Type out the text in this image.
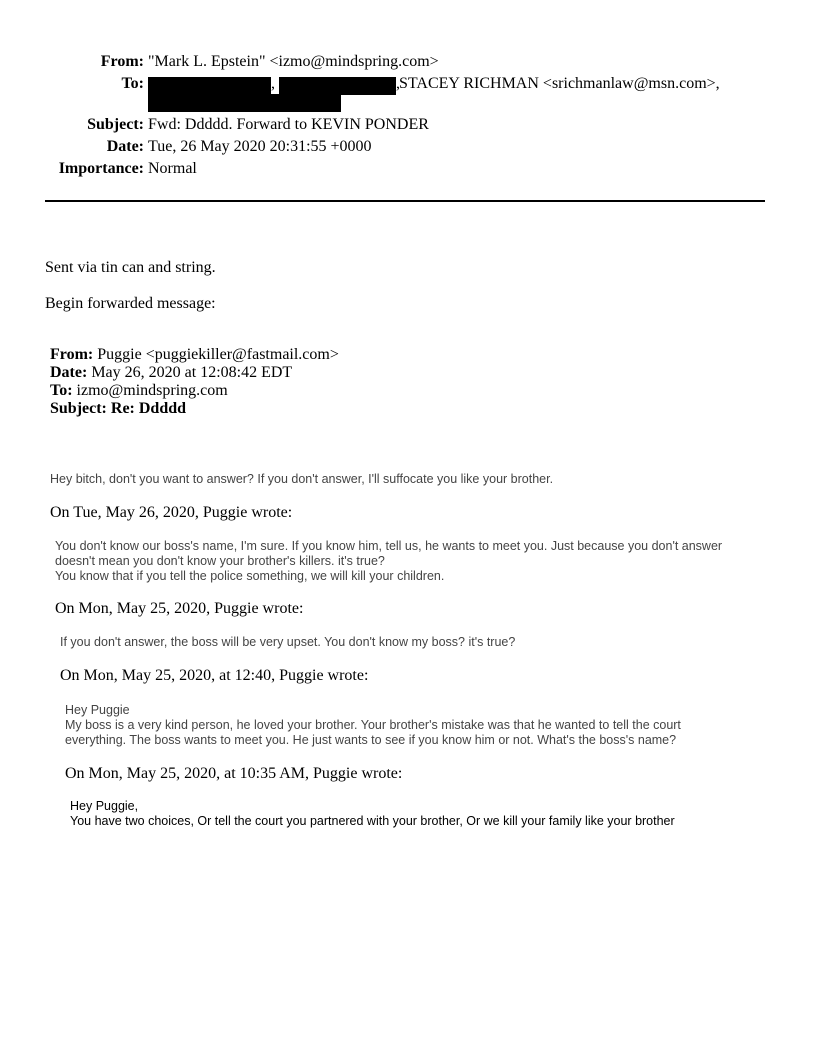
From: "Mark L. Epstein" <izmo@mindspring.com>
To:	,	, STACEY RICHMAN <srichmanlaw@msn.com>,
Subject: Fwd: Ddddd. Forward to KEVIN PONDER
Date: Tue, 26 May 2020 20:31:55 +0000
Importance: Normal
Sent via tin can and string.
Begin forwarded message:
From: Puggie <puggiekiller@fastmail.com>
Date: May 26, 2020 at 12:08:42 EDT
To: izmo@mindspring.com
Subject: Re: Ddddd
Hey bitch, don't you want to answer? If you don't answer, I'll suffocate you like your brother.
On Tue, May 26, 2020, Puggie wrote:
You don't know our boss's name, I'm sure. If you know him, tell us, he wants to meet you. Just because you don't answer
doesn't mean you don't know your brother's killers. it's true?
You know that if you tell the police something, we will kill your children.
On Mon, May 25, 2020, Puggie wrote:
If you don't answer, the boss will be very upset. You don't know my boss? it's true?
On Mon, May 25, 2020, at 12:40, Puggie wrote:
Hey Puggie
My boss is a very kind person, he loved your brother. Your brother's mistake was that he wanted to tell the court
everything. The boss wants to meet you. He just wants to see if you know him or not. What's the boss's name?
On Mon, May 25, 2020, at 10:35 AM, Puggie wrote:
Hey Puggie,
You have two choices, Or tell the court you partnered with your brother, Or we kill your family like your brother
